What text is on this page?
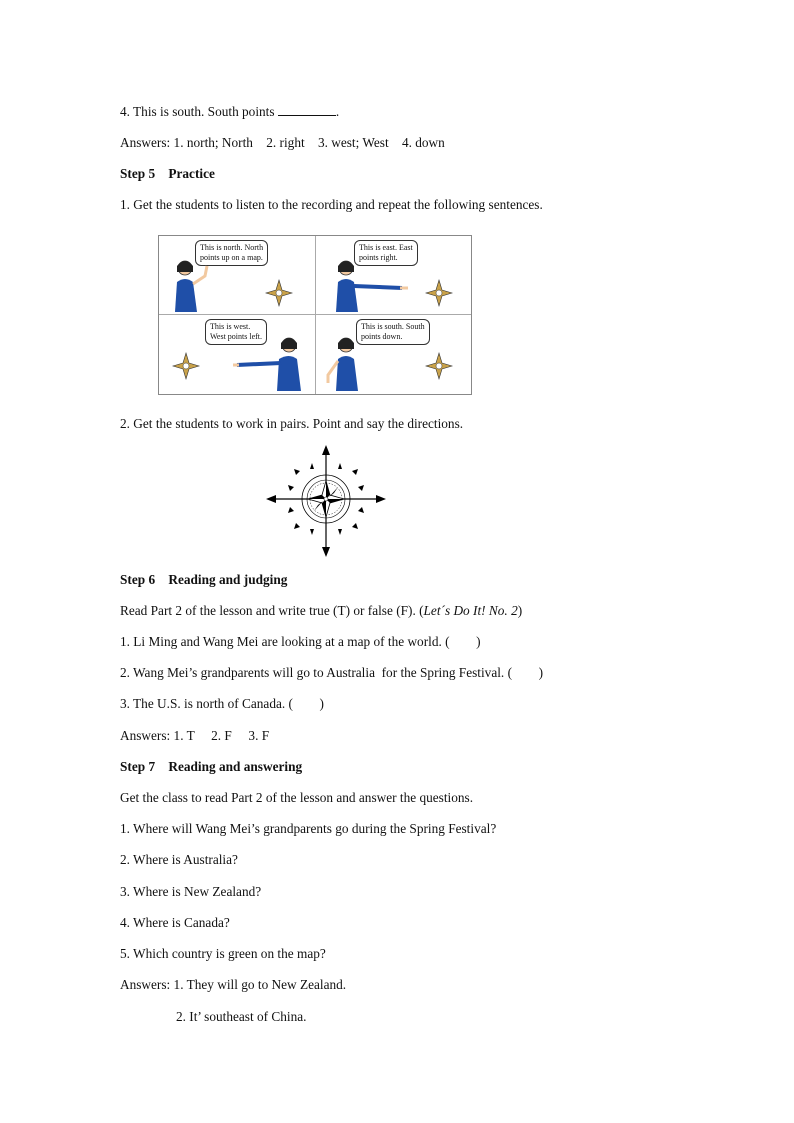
4. This is south. South points	.
Answers: 1. north; North    2. right    3. west; West    4. down
Step 5    Practice
1. Get the students to listen to the recording and repeat the following sentences.
This is north. North
points up on a map.
This is east. East
points right.
This is west.
West points left.
This is south. South
points down.
2. Get the students to work in pairs. Point and say the directions.
Step 6    Reading and judging
Read Part 2 of the lesson and write true (T) or false (F). (Let´s Do It! No. 2)
1. Li Ming and Wang Mei are looking at a map of the world. (        )
2. Wang Mei’s grandparents will go to Australia  for the Spring Festival. (        )
3. The U.S. is north of Canada. (        )
Answers: 1. T     2. F     3. F
Step 7    Reading and answering
Get the class to read Part 2 of the lesson and answer the questions.
1. Where will Wang Mei’s grandparents go during the Spring Festival?
2. Where is Australia?
3. Where is New Zealand?
4. Where is Canada?
5. Which country is green on the map?
Answers: 1. They will go to New Zealand.
2. It’ southeast of China.
